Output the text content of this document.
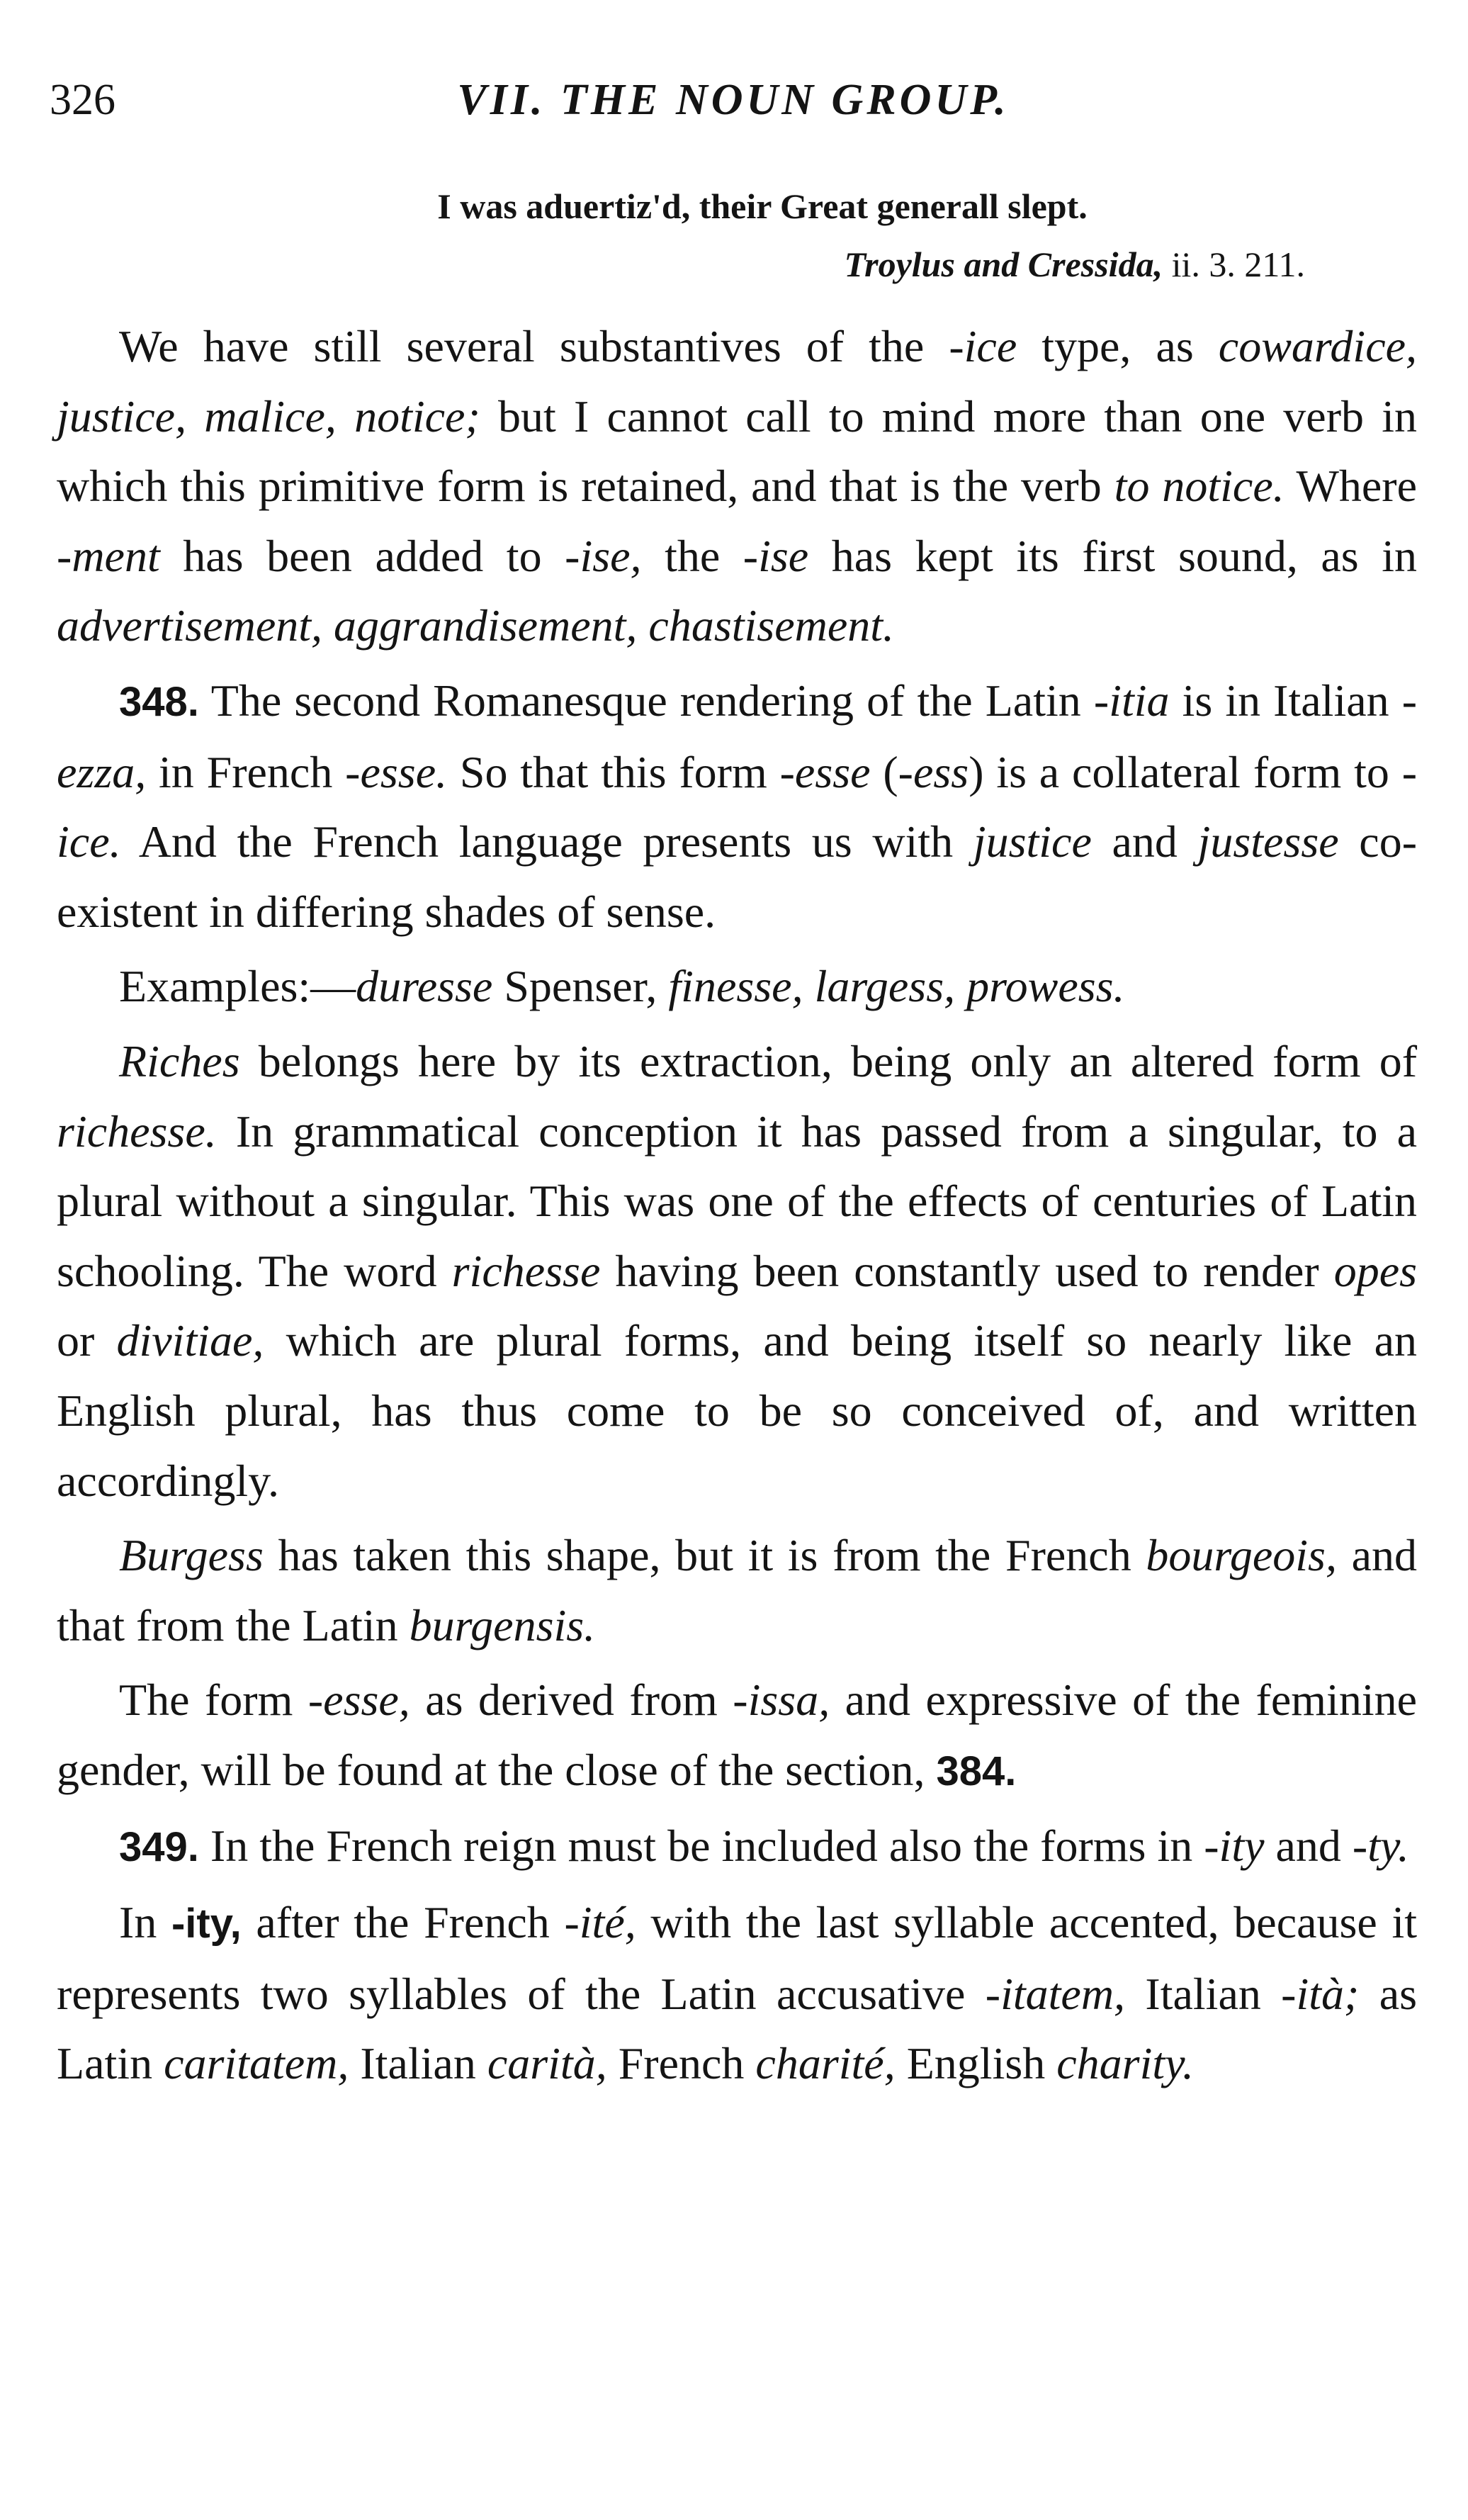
326	VII. THE NOUN GROUP.
I was aduertiz'd, their Great generall slept.
Troylus and Cressida, ii. 3. 211.

We have still several substantives of the -ice type, as cowardice, justice, malice, notice; but I cannot call to mind more than one verb in which this primitive form is retained, and that is the verb to notice. Where -ment has been added to -ise, the -ise has kept its first sound, as in advertisement, aggrandisement, chastisement.

348. The second Romanesque rendering of the Latin -itia is in Italian -ezza, in French -esse. So that this form -esse (-ess) is a collateral form to -ice. And the French language presents us with justice and justesse co-existent in differing shades of sense.

Examples:—duresse Spenser, finesse, largess, prowess.

Riches belongs here by its extraction, being only an altered form of richesse. In grammatical conception it has passed from a singular, to a plural without a singular. This was one of the effects of centuries of Latin schooling. The word richesse having been constantly used to render opes or divitiae, which are plural forms, and being itself so nearly like an English plural, has thus come to be so conceived of, and written accordingly.

Burgess has taken this shape, but it is from the French bourgeois, and that from the Latin burgensis.

The form -esse, as derived from -issa, and expressive of the feminine gender, will be found at the close of the section, 384.

349. In the French reign must be included also the forms in -ity and -ty.

In -ity, after the French -ité, with the last syllable accented, because it represents two syllables of the Latin accusative -itatem, Italian -ità; as Latin caritatem, Italian carità, French charité, English charity.
